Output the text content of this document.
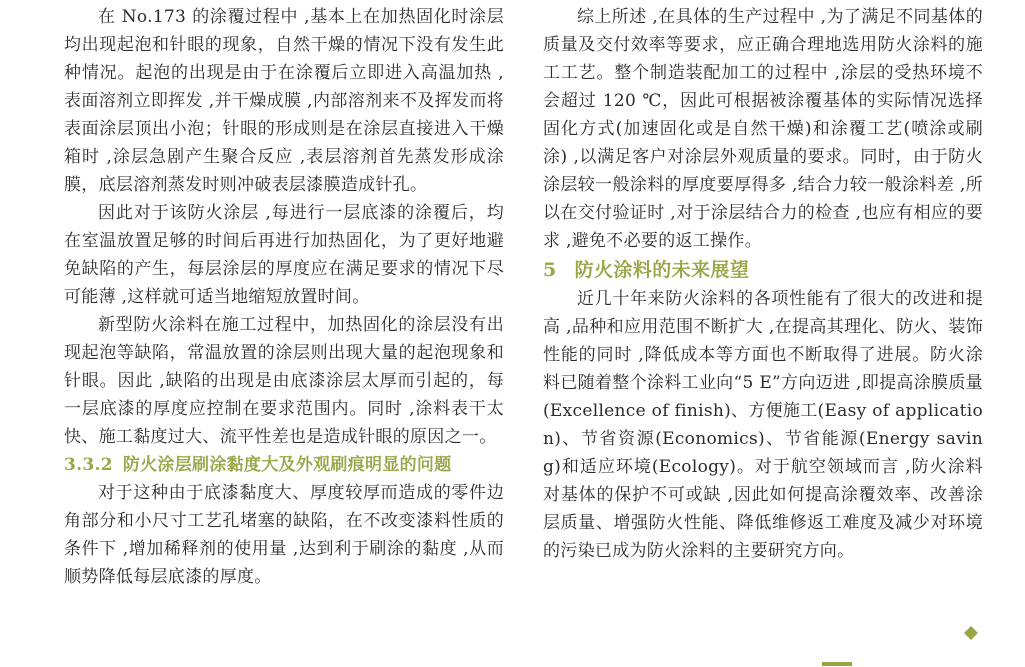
在 No.173 的涂覆过程中 ,基本上在加热固化时涂层均出现起泡和针眼的现象，自然干燥的情况下没有发生此种情况。起泡的出现是由于在涂覆后立即进入高温加热 ,表面溶剂立即挥发 ,并干燥成膜 ,内部溶剂来不及挥发而将表面涂层顶出小泡；针眼的形成则是在涂层直接进入干燥箱时 ,涂层急剧产生聚合反应 ,表层溶剂首先蒸发形成涂膜，底层溶剂蒸发时则冲破表层漆膜造成针孔。

因此对于该防火涂层 ,每进行一层底漆的涂覆后，均在室温放置足够的时间后再进行加热固化，为了更好地避免缺陷的产生，每层涂层的厚度应在满足要求的情况下尽可能薄 ,这样就可适当地缩短放置时间。

新型防火涂料在施工过程中，加热固化的涂层没有出现起泡等缺陷，常温放置的涂层则出现大量的起泡现象和针眼。因此 ,缺陷的出现是由底漆涂层太厚而引起的，每一层底漆的厚度应控制在要求范围内。同时 ,涂料表干太快、施工黏度过大、流平性差也是造成针眼的原因之一。

3.3.2 防火涂层刷涂黏度大及外观刷痕明显的问题

对于这种由于底漆黏度大、厚度较厚而造成的零件边角部分和小尺寸工艺孔堵塞的缺陷，在不改变漆料性质的条件下 ,增加稀释剂的使用量 ,达到利于刷涂的黏度 ,从而顺势降低每层底漆的厚度。

综上所述 ,在具体的生产过程中 ,为了满足不同基体的质量及交付效率等要求，应正确合理地选用防火涂料的施工工艺。整个制造装配加工的过程中 ,涂层的受热环境不会超过 120 ℃，因此可根据被涂覆基体的实际情况选择固化方式(加速固化或是自然干燥)和涂覆工艺(喷涂或刷涂) ,以满足客户对涂层外观质量的要求。同时，由于防火涂层较一般涂料的厚度要厚得多 ,结合力较一般涂料差 ,所以在交付验证时 ,对于涂层结合力的检查 ,也应有相应的要求 ,避免不必要的返工操作。

5 防火涂料的未来展望

近几十年来防火涂料的各项性能有了很大的改进和提高 ,品种和应用范围不断扩大 ,在提高其理化、防火、装饰性能的同时 ,降低成本等方面也不断取得了进展。防火涂料已随着整个涂料工业向“5 E”方向迈进 ,即提高涂膜质量(Excellence of finish)、方便施工(Easy of application)、节省资源(Economics)、节省能源(Energy saving)和适应环境(Ecology)。对于航空领域而言 ,防火涂料对基体的保护不可或缺 ,因此如何提高涂覆效率、改善涂层质量、增强防火性能、降低维修返工难度及减少对环境的污染已成为防火涂料的主要研究方向。
